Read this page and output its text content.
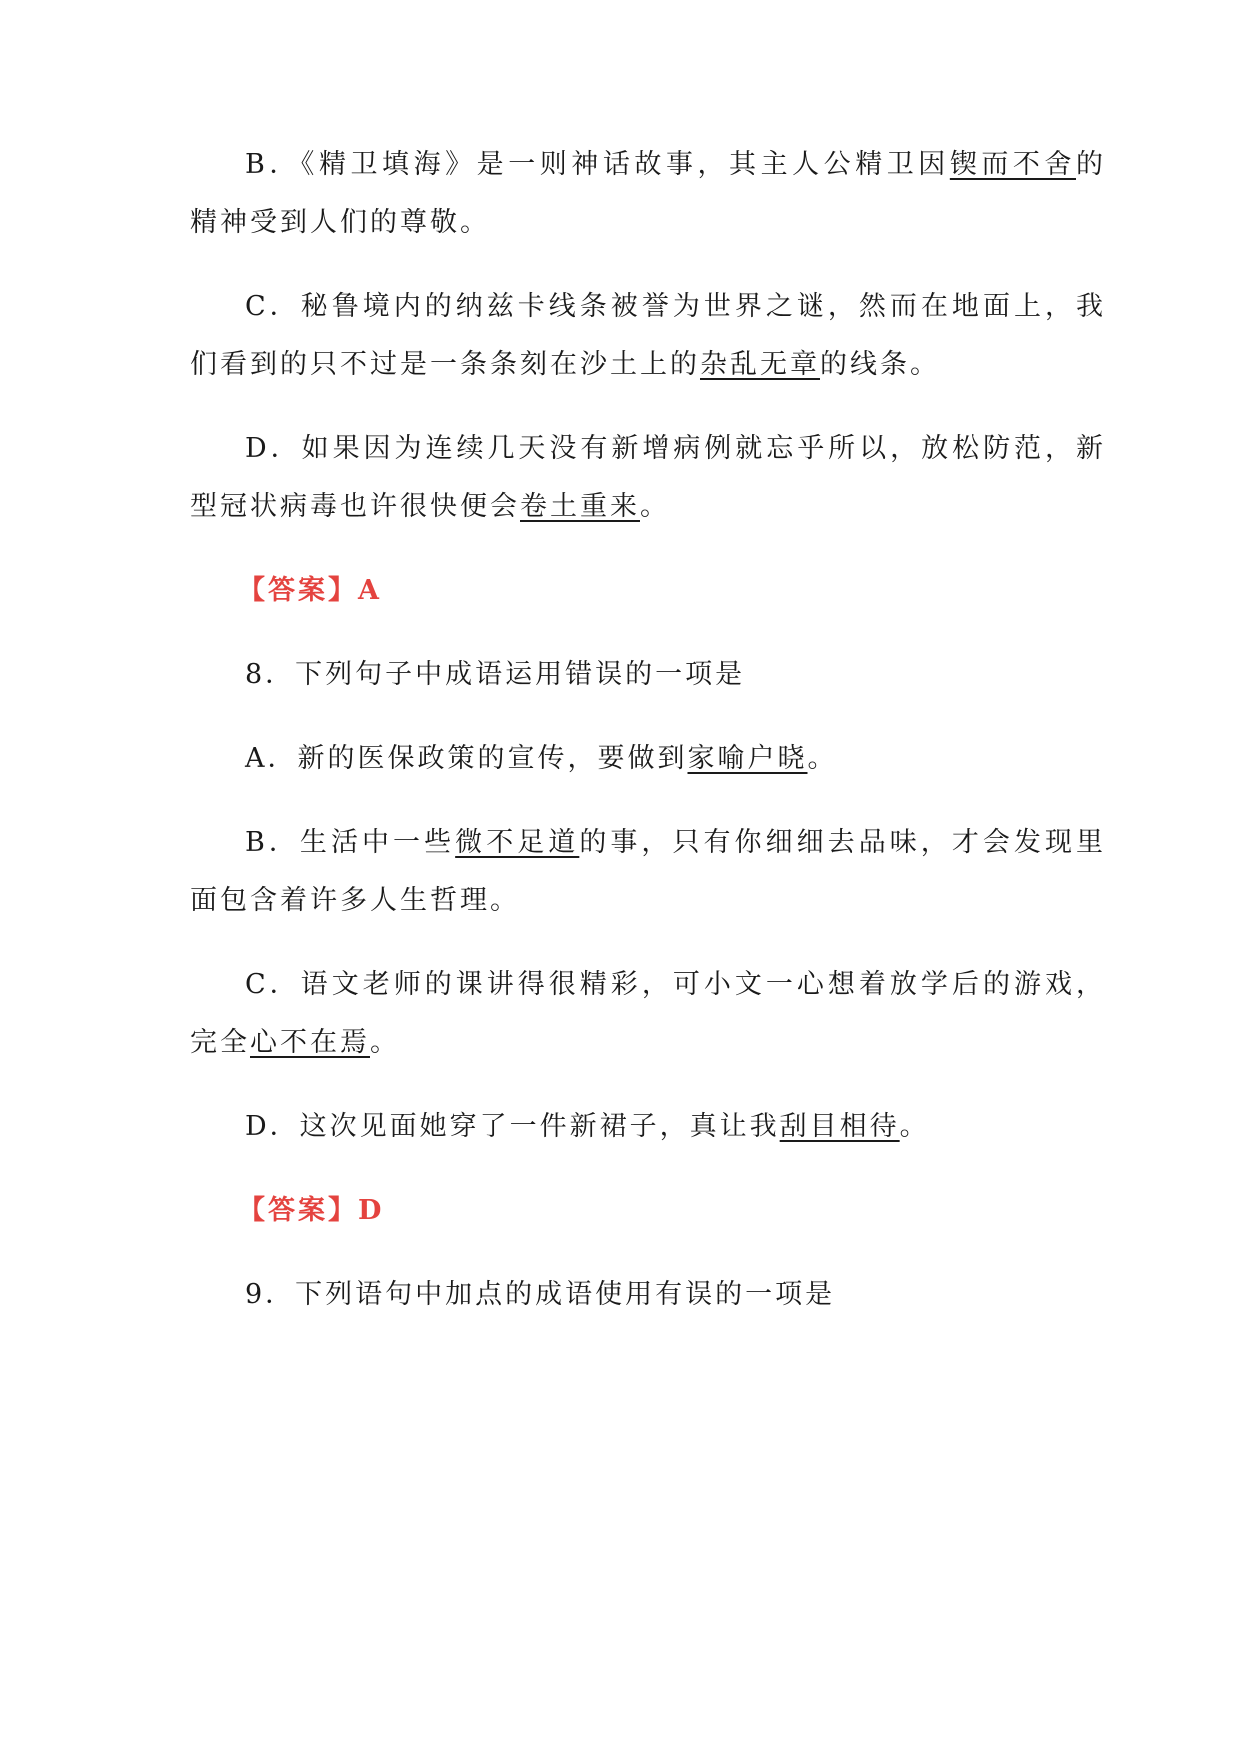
B．《精卫填海》是一则神话故事，其主人公精卫因锲而不舍的
精神受到人们的尊敬。
C．秘鲁境内的纳兹卡线条被誉为世界之谜，然而在地面上，我
们看到的只不过是一条条刻在沙土上的杂乱无章的线条。
D．如果因为连续几天没有新增病例就忘乎所以，放松防范，新
型冠状病毒也许很快便会卷土重来。
【答案】A
8．下列句子中成语运用错误的一项是
A．新的医保政策的宣传，要做到家喻户晓。
B．生活中一些微不足道的事，只有你细细去品味，才会发现里
面包含着许多人生哲理。
C．语文老师的课讲得很精彩，可小文一心想着放学后的游戏，
完全心不在焉。
D．这次见面她穿了一件新裙子，真让我刮目相待。
【答案】D
9．下列语句中加点的成语使用有误的一项是
